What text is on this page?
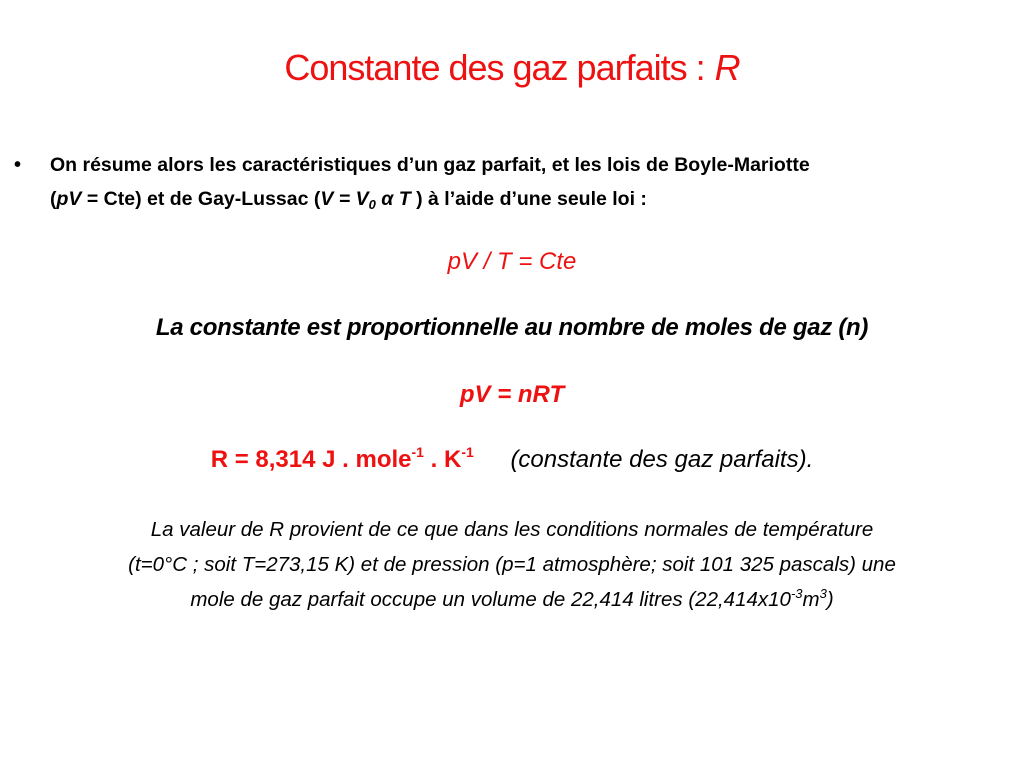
Constante des gaz parfaits : R
• On résume alors les caractéristiques d’un gaz parfait, et les lois de Boyle-Mariotte
(pV = Cte) et de Gay-Lussac ($V = V_0$ α T ) à l’aide d’une seule loi :
pV / T = Cte
La constante est proportionnelle au nombre de moles de gaz (n)
pV = nRT
R = 8,314 J . mole$^{-1}$ . $K^{-1}$ (constante des gaz parfaits).
La valeur de R provient de ce que dans les conditions normales de température
(t=0°C ; soit T=273,15 K) et de pression (p=1 atmosphère; soit 101 325 pascals) une
mole de gaz parfait occupe un volume de 22,414 litres $(22,414x10^{-3}m^3)$
